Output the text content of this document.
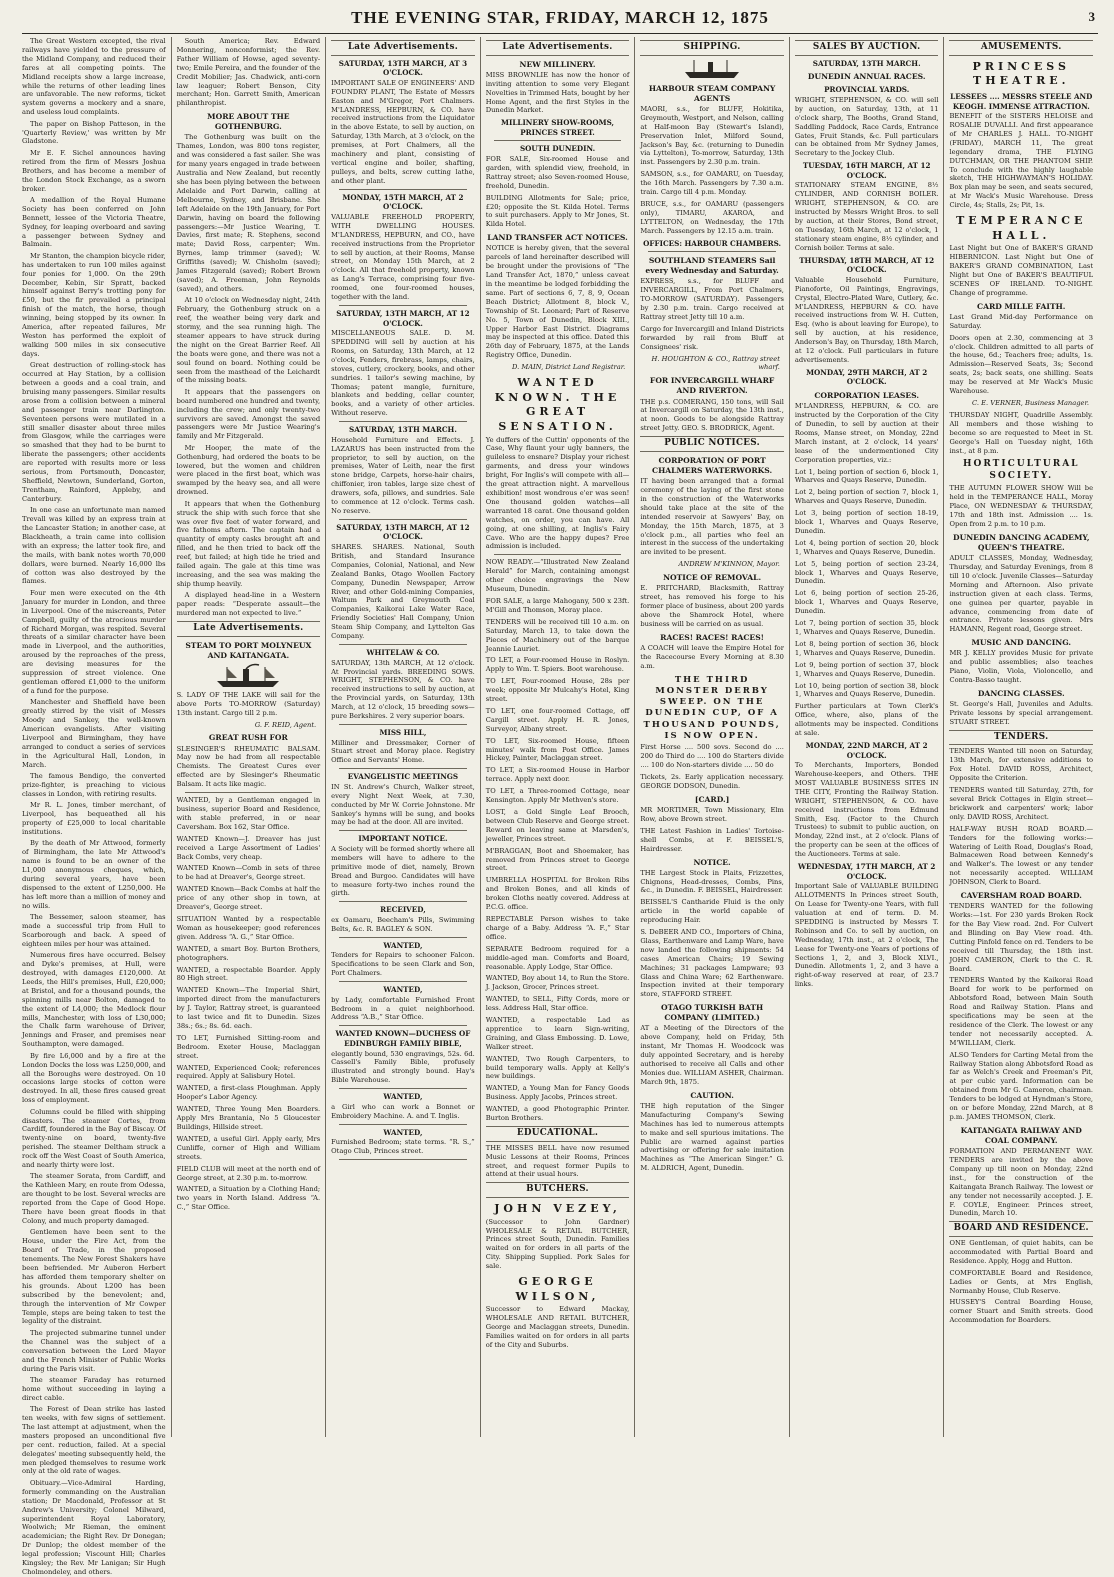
THE EVENING STAR, FRIDAY, MARCH 12, 1875	3

The Great Western excepted, the rival railways have yielded to the pressure of the Midland Company, and reduced their fares at all competing points. The Midland receipts show a large increase, while the returns of other leading lines are unfavorable. The new reforms, ticket system governs a mockery and a snare, and useless loud complaints.

The paper on Bishop Patteson, in the 'Quarterly Review,' was written by Mr Gladstone.

Mr E. F. Sichel announces having retired from the firm of Messrs Joshua Brothers, and has become a member of the London Stock Exchange, as a sworn broker.

A medallion of the Royal Humane Society has been conferred on John Bennett, lessee of the Victoria Theatre, Sydney, for leaping overboard and saving a passenger between Sydney and Balmain.

Mr Stanton, the champion bicycle rider, has undertaken to run 100 miles against four ponies for 1,000. On the 29th December, Kebin, Sir Spratt, backed himself against Berry's trotting pony for £50, but the fir prevailed a principal finish of the match, the horse, though winning, being stopped by its owner. In America, after repeated failures, Mr Weston has performed the exploit of walking 500 miles in six consecutive days.

Great destruction of rolling-stock has occurred at Hay Station, by a collision between a goods and a coal train, and bruising many passengers. Similar results arose from a collision between a mineral and passenger train near Darlington. Seventeen persons were mutilated in a still smaller disaster about three miles from Glasgow, while the carriages were so smashed that they had to be burnt to liberate the passengers; other accidents are reported with results more or less serious, from Portsmouth, Doncaster, Sheffield, Newtown, Sunderland, Gorton, Trentham, Rainford, Appleby, and Canterbury.

In one case an unfortunate man named Trevall was killed by an express train at the Lancaster Station; in another case, at Blackheath, a train came into collision with an express; the latter took fire, and the mails, with bank notes worth 70,000 dollars, were burned. Nearly 16,000 lbs of cotton was also destroyed by the flames.

Four men were executed on the 4th January for murder in London, and three in Liverpool. One of the miscreants, Peter Campbell, guilty of the atrocious murder of Richard Morgan, was respited. Several threats of a similar character have been made in Liverpool, and the authorities, aroused by the reproaches of the press, are devising measures for the suppression of street violence. One gentleman offered £1,000 to the uniform of a fund for the purpose.

Manchester and Sheffield have been greatly stirred by the visit of Messrs Moody and Sankey, the well-known American evangelists. After visiting Liverpool and Birmingham, they have arranged to conduct a series of services in the Agricultural Hall, London, in March.

The famous Bendigo, the converted prize-fighter, is preaching to vicious classes in London, with retiring results.

Mr R. L. Jones, timber merchant, of Liverpool, has bequeathed all his property of £25,000 to local charitable institutions.

By the death of Mr Attwood, formerly of Birmingham, the late Mr Attwood's name is found to be an owner of the L1,000 anonymous cheques, which, during several years, have been dispensed to the extent of L250,000. He has left more than a million of money and no wills.

The Bessemer, saloon steamer, has made a successful trip from Hull to Scarborough and back. A speed of eighteen miles per hour was attained.

Numerous fires have occurred. Belsey and Dyke's premises, at Hull, were destroyed, with damages £120,000. At Leeds, the Hill's premises, Hull, £20,000; at Bristol, and for a thousand pounds, the spinning mills near Bolton, damaged to the extent of L4,000; the Medlock flour mills, Manchester, with loss of L30,000; the Chalk farm warehouse of Driver, Jennings and Fraser, and premises near Southampton, were damaged.

By fire L6,000 and by a fire at the London Docks the loss was L250,000, and all the Boroughs were destroyed. On 10 occasions large stocks of cotton were destroyed. In all, these fires caused great loss of employment.

Columns could be filled with shipping disasters. The steamer Cortes, from Cardiff, foundered in the Bay of Biscay. Of twenty-nine on board, twenty-five perished. The steamer Deltham struck a rock off the West Coast of South America, and nearly thirty were lost.

The steamer Sorata, from Cardiff, and the Kathleen Mary, en route from Odessa, are thought to be lost. Several wrecks are reported from the Cape of Good Hope. There have been great floods in that Colony, and much property damaged.

Gentlemen have been sent to the House, under the Fire Act, from the Board of Trade, in the proposed tenements. The New Forest Shakers have been befriended. Mr Auberon Herbert has afforded them temporary shelter on his grounds. About L200 has been subscribed by the benevolent; and, through the intervention of Mr Cowper Temple, steps are being taken to test the legality of the distraint.

The projected submarine tunnel under the Channel was the subject of a conversation between the Lord Mayor and the French Minister of Public Works during the Paris visit.

The steamer Faraday has returned home without succeeding in laying a direct cable.

The Forest of Dean strike has lasted ten weeks, with few signs of settlement. The last attempt at adjustment, when the masters proposed an unconditional five per cent. reduction, failed. At a special delegates' meeting subsequently held, the men pledged themselves to resume work only at the old rate of wages.

Obituary.—Vice-Admiral Harding, formerly commanding on the Australian station; Dr Macdonald, Professor at St Andrew's University; Colonel Milward, superintendent Royal Laboratory, Woolwich; Mr Rieman, the eminent academician; the Right Rev. Dr Donegan; Dr Dunlop; the oldest member of the legal profession; Viscount Hill; Charles Kingsley; the Rev. Mr Lanigan; Sir Hugh Cholmondeley, and others.

South America; Rev. Edward Monnering, nonconformist; the Rev. Father William of Howse, aged seventy-two; Emile Pereira, and the founder of the Credit Mobilier; Jas. Chadwick, anti-corn law leaguer; Robert Benson, City merchant; Hon. Garrett Smith, American philanthropist.

MORE ABOUT THE GOTHENBURG.

The Gothenburg was built on the Thames, London, was 800 tons register, and was considered a fast sailer. She was for many years engaged in trade between Australia and New Zealand, but recently she has been plying between the between Adelaide and Port Darwin, calling at Melbourne, Sydney, and Brisbane. She left Adelaide on the 19th January, for Port Darwin, having on board the following passengers:—Mr Justice Wearing, T. Davies, first mate; R. Stephens, second mate; David Ross, carpenter; Wm. Byrnes, lamp trimmer (saved); W. Griffiths (saved); W. Chisholm (saved); James Fitzgerald (saved); Robert Brown (saved); A. Freeman, John Reynolds (saved), and others.

At 10 o'clock on Wednesday night, 24th February, the Gothenburg struck on a reef, the weather being very dark and stormy, and the sea running high. The steamer appears to have struck during the night on the Great Barrier Reef. All the boats were gone, and there was not a soul found on board. Nothing could be seen from the masthead of the Leichardt of the missing boats.

It appears that the passengers on board numbered one hundred and twenty, including the crew; and only twenty-two survivors are saved. Amongst the saved passengers were Mr Justice Wearing's family and Mr Fitzgerald.

Mr Hooper, the mate of the Gothenburg, had ordered the boats to be lowered, but the women and children were placed in the first boat, which was swamped by the heavy sea, and all were drowned.

It appears that when the Gothenburg struck the ship with such force that she was over five feet of water forward, and five fathoms aftern. The captain had a quantity of empty casks brought aft and filled, and he then tried to back off the reef, but failed; at high tide he tried and failed again. The gale at this time was increasing, and the sea was making the ship thump heavily.

A displayed head-line in a Western paper reads: “Desperate assault—the murdered man not expected to live.”

Late Advertisements.
STEAM TO PORT MOLYNEUX AND KAITANGATA.
S. LADY OF THE LAKE will sail for the above Ports TO-MORROW (Saturday) 13th instant. Cargo till 2 p.m.
G. F. REID, Agent.
GREAT RUSH FOR
SLESINGER'S RHEUMATIC BALSAM. May now be had from all respectable Chemists. The Greatest Cures ever effected are by Slesinger's Rheumatic Balsam. It acts like magic.
WANTED, by a Gentleman engaged in business, superior Board and Residence, with stable preferred, in or near Caversham. Box 162, Star Office.
WANTED Known—J. Dreaver has just received a Large Assortment of Ladies' Back Combs, very cheap.
WANTED Known—Comb in sets of three to be had at Dreaver's, George street.
WANTED Known—Back Combs at half the price of any other shop in town, at Dreaver's, George street.
SITUATION Wanted by a respectable Woman as housekeeper; good references given. Address “A. G.,” Star Office.
WANTED, a smart Boy. Burton Brothers, photographers.
WANTED, a respectable Boarder. Apply 80 High street.
WANTED Known—The Imperial Shirt, imported direct from the manufacturers by J. Taylor, Rattray street, is guaranteed to last twice and fit to Dunedin. Sizes 38s.; 6s.; 8s. 6d. each.
TO LET, Furnished Sitting-room and Bedroom. Exeter House, Maclaggan street.
WANTED, Experienced Cook; references required. Apply at Salisbury Hotel.
WANTED, a first-class Ploughman. Apply Hooper's Labor Agency.
WANTED, Three Young Men Boarders. Apply Mrs Brantania, No 5 Gloucester Buildings, Hillside street.
WANTED, a useful Girl. Apply early, Mrs Cunliffe, corner of High and William streets.
FIELD CLUB will meet at the north end of George street, at 2.30 p.m. to-morrow.
WANTED, a Situation by a Clothing Hand; two years in North Island. Address “A. C.,” Star Office.
Late Advertisements.
SATURDAY, 13TH MARCH, AT 3 O'CLOCK.
IMPORTANT SALE OF ENGINEERS' AND FOUNDRY PLANT, The Estate of Messrs Easton and M'Gregor, Port Chalmers. M'LANDRESS, HEPBURN, & CO. have received instructions from the Liquidator in the above Estate, to sell by auction, on Saturday, 13th March, at 3 o'clock, on the premises, at Port Chalmers, all the machinery and plant, consisting of vertical engine and boiler, shafting, pulleys, and belts, screw cutting lathe, and other plant.
MONDAY, 15TH MARCH, AT 2 O'CLOCK.
VALUABLE FREEHOLD PROPERTY, WITH DWELLING HOUSES. M'LANDRESS, HEPBURN, and CO., have received instructions from the Proprietor to sell by auction, at their Rooms, Manse street, on Monday 15th March, at 2 o'clock. All that freehold property, known as Lang's Terrace, comprising four five-roomed, one four-roomed houses, together with the land.
SATURDAY, 13TH MARCH, AT 12 O'CLOCK.
MISCELLANEOUS SALE. D. M. SPEDDING will sell by auction at his Rooms, on Saturday, 13th March, at 12 o'clock, Fenders, firebrass, lamps, chairs, stoves, cutlery, crockery, books, and other sundries. 1 tailor's sewing machine, by Thomas; patent mangle, furniture, blankets and bedding, cellar counter, books, and a variety of other articles. Without reserve.
SATURDAY, 13TH MARCH.
Household Furniture and Effects. J. LAZARUS has been instructed from the proprietor, to sell by auction, on the premises, Water of Leith, near the first stone bridge, Carpets, horse-hair chairs, chiffonier, iron tables, large size chest of drawers, sofa, pillows, and sundries. Sale to commence at 12 o'clock. Terms cash. No reserve.
SATURDAY, 13TH MARCH, AT 12 O'CLOCK.
SHARES. SHARES. National, South British, and Standard Insurance Companies, Colonial, National, and New Zealand Banks, Otago Woollen Factory Company, Dunedin Newspaper, Arrow River, and other Gold-mining Companies, Waltum Park and Greymouth Coal Companies, Kaikorai Lake Water Race, Friendly Societies' Hall Company, Union Steam Ship Company, and Lyttelton Gas Company.
WHITELAW & CO.
SATURDAY, 13th MARCH, At 12 o'clock. At Provincial yards. BREEDING SOWS. WRIGHT, STEPHENSON, & CO. have received instructions to sell by auction, at the Provincial yards, on Saturday, 13th March, at 12 o'clock, 15 breeding sows—pure Berkshires. 2 very superior boars.
MISS HILL,
Milliner and Dressmaker, Corner of Stuart street and Moray place. Registry Office and Servants' Home.
EVANGELISTIC MEETINGS
IN St. Andrew's Church, Walker street, every Night Next Week, at 7.30, conducted by Mr W. Corrie Johnstone. Mr Sankey's hymns will be sung, and books may be had at the door. All are invited.
IMPORTANT NOTICE.
A Society will be formed shortly where all members will have to adhere to the primitive mode of diet, namely, Brown Bread and Burgoo. Candidates will have to measure forty-two inches round the girth.
RECEIVED,
ex Oamaru, Beecham's Pills, Swimming Belts, &c. R. BAGLEY & SON.
WANTED,
Tenders for Repairs to schooner Falcon. Specifications to be seen Clark and Son, Port Chalmers.
WANTED,
by Lady, comfortable Furnished Front Bedroom in a quiet neighborhood. Address “A.B.,” Star Office.
WANTED KNOWN—DUCHESS OF EDINBURGH FAMILY BIBLE,
elegantly bound, 530 engravings, 52s. 6d. Cassell's Family Bible, profusely illustrated and strongly bound. Hay's Bible Warehouse.
WANTED,
a Girl who can work a Bonnet or Embroidery Machine. A. and T. Inglis.
WANTED,
Furnished Bedroom; state terms. “R. S.,” Otago Club, Princes street.
Late Advertisements.
NEW MILLINERY.
MISS BROWNLIE has now the honor of inviting attention to some very Elegant Novelties in Trimmed Hats, bought by her Home Agent, and the first Styles in the Dunedin Market.
MILLINERY SHOW-ROOMS, PRINCES STREET.
SOUTH DUNEDIN.
FOR SALE, Six-roomed House and garden, with splendid view, freehold, in Rattray street; also Seven-roomed House, freehold, Dunedin.
BUILDING Allotments for Sale; price, £20; opposite the St. Kilda Hotel. Terms to suit purchasers. Apply to Mr Jones, St. Kilda Hotel.
LAND TRANSFER ACT NOTICES.
NOTICE is hereby given, that the several parcels of land hereinafter described will be brought under the provisions of “The Land Transfer Act, 1870,” unless caveat in the meantime be lodged forbidding the same. Part of sections 6, 7, 8, 9, Ocean Beach District; Allotment 8, block V., Township of St. Leonard; Part of Reserve No. 5, Town of Dunedin, Block XIII., Upper Harbor East District. Diagrams may be inspected at this office. Dated this 26th day of February, 1875, at the Lands Registry Office, Dunedin.
D. MAIN, District Land Registrar.
WANTED KNOWN. THE GREAT SENSATION.
Ye duffers of the Cuttin' opponents of the Case, Why flaunt your ugly banners, the guileless to ensnare? Display your richest garments, and dress your windows bright, For Inglis's will compete with all—the great attraction night. A marvellous exhibition! most wondrous e'er was seen! One thousand golden watches—all warranted 18 carat. One thousand golden watches, on order, you can have. All going, at one shilling, at Inglis's Fairy Cave. Who are the happy dupes? Free admission is included.
NOW READY.—“Illustrated New Zealand Herald” for March, containing amongst other choice engravings the New Museum, Dunedin.
FOR SALE, a large Mahogany, 500 x 23ft. M'Gill and Thomson, Moray place.
TENDERS will be received till 10 a.m. on Saturday, March 13, to take down the Pieces of Machinery out of the barque Jeannie Lauriet.
TO LET, a Four-roomed House in Roslyn. Apply to Wm. T. Spiers. Boot warehouse.
TO LET, Four-roomed House, 28s per week; opposite Mr Mulcahy's Hotel, King street.
TO LET, one four-roomed Cottage, off Cargill street. Apply H. R. Jones, Surveyor, Albany street.
TO LET, Six-roomed House, fifteen minutes' walk from Post Office. James Hickey, Painter, Maclaggan street.
TO LET, a Six-roomed House in Harbor terrace. Apply next door.
TO LET, a Three-roomed Cottage, near Kensington. Apply Mr Methven's store.
LOST, a Gold Single Leaf Brooch, between Club Reserve and George street. Reward on leaving same at Marsden's, jeweller, Princes street.
M'BRAGGAN, Boot and Shoemaker, has removed from Princes street to George street.
UMBRELLA HOSPITAL for Broken Ribs and Broken Bones, and all kinds of broken Cloths neatly covered. Address at P.C.G. office.
REPECTABLE Person wishes to take charge of a Baby. Address “A. F.,” Star office.
SEPARATE Bedroom required for a middle-aged man. Comforts and Board, reasonable. Apply Lodge, Star Office.
WANTED, Boy about 14, to Run the Store. J. Jackson, Grocer, Princes street.
WANTED, to SELL, Fifty Cords, more or less. Address Hall, Star office.
WANTED, a respectable Lad as apprentice to learn Sign-writing, Graining, and Glass Embossing. D. Lowe, Walker street.
WANTED, Two Rough Carpenters, to build temporary walls. Apply at Kelly's new buildings.
WANTED, a Young Man for Fancy Goods Business. Apply Jacobs, Princes street.
WANTED, a good Photographic Printer. Burton Brothers.
EDUCATIONAL.
THE MISSES BELL have now resumed Music Lessons at their Rooms, Princes street, and request former Pupils to attend at their usual hours.
BUTCHERS.
JOHN VEZEY,
(Successor to John Gardner) WHOLESALE & RETAIL BUTCHER, Princes street South, Dunedin. Families waited on for orders in all parts of the City. Shipping Supplied. Pork Sales for sale.
GEORGE WILSON,
Successor to Edward Mackay, WHOLESALE AND RETAIL BUTCHER, George and Maclaggan streets, Dunedin. Families waited on for orders in all parts of the City and Suburbs.
SHIPPING.
HARBOUR STEAM COMPANY AGENTS
MAORI, s.s., for BLUFF, Hokitika, Greymouth, Westport, and Nelson, calling at Half-moon Bay (Stewart's Island), Preservation Inlet, Milford Sound, Jackson's Bay, &c. (returning to Dunedin via Lyttelton), To-morrow, Saturday, 13th inst. Passengers by 2.30 p.m. train.
SAMSON, s.s., for OAMARU, on Tuesday, the 16th March. Passengers by 7.30 a.m. train. Cargo till 4 p.m. Monday.
BRUCE, s.s., for OAMARU (passengers only), TIMARU, AKAROA, and LYTTELTON, on Wednesday, the 17th March. Passengers by 12.15 a.m. train.
OFFICES: HARBOUR CHAMBERS.
SOUTHLAND STEAMERS Sail every Wednesday and Saturday.
EXPRESS, s.s., for BLUFF and INVERCARGILL, From Port Chalmers, TO-MORROW (SATURDAY). Passengers by 2.30 p.m. train. Cargo received at Rattray street Jetty till 10 a.m.
Cargo for Invercargill and Inland Districts forwarded by rail from Bluff at Consignees' risk.
H. HOUGHTON & CO., Rattray street wharf.
FOR INVERCARGILL WHARF AND RIVERTON.
THE p.s. COMERANG, 150 tons, will Sail at Invercargill on Saturday, the 13th inst., at noon. Goods to be alongside Rattray street Jetty. GEO. S. BRODRICK, Agent.
PUBLIC NOTICES.
CORPORATION OF PORT CHALMERS WATERWORKS.
IT having been arranged that a formal ceremony of the laying of the first stone in the construction of the Waterworks should take place at the site of the intended reservoir at Sawyers' Bay, on Monday, the 15th March, 1875, at 3 o'clock p.m., all parties who feel an interest in the success of the undertaking are invited to be present.
ANDREW M'KINNON, Mayor.
NOTICE OF REMOVAL.
E. PRITCHARD, Blacksmith, Rattray street, has removed his forge to his former place of business, about 200 yards above the Shamrock Hotel, where business will be carried on as usual.
RACES! RACES! RACES!
A COACH will leave the Empire Hotel for the Racecourse Every Morning at 8.30 a.m.
THE THIRD MONSTER DERBY SWEEP. ON THE DUNEDIN CUP, OF A THOUSAND POUNDS, IS NOW OPEN.
First Horse .... 500 sovs. Second do .... 200 do Third do .... 100 do Starters divide .... 100 do Non-starters divide .... 50 do
Tickets, 2s. Early application necessary. GEORGE DODSON, Dunedin.
[CARD.]
MR MORTIMER, Town Missionary, Elm Row, above Brown street.
THE Latest Fashion in Ladies' Tortoise-shell Combs, at F. BEISSEL'S, Hairdresser.
NOTICE.
THE Largest Stock in Plaits, Frizzettes, Chignons, Head-dresses, Combs, Pins, &c., in Dunedin. F. BEISSEL, Hairdresser.
BEISSEL'S Cantharide Fluid is the only article in the world capable of reproducing Hair.
S. DeBEER AND CO., Importers of China, Glass, Earthenware and Lamp Ware, have now landed the following shipments: 54 cases American Chairs; 19 Sewing Machines; 31 packages Lampware; 93 Glass and China Ware; 62 Earthenware. Inspection invited at their temporary store, STAFFORD STREET.
OTAGO TURKISH BATH COMPANY (LIMITED.)
AT a Meeting of the Directors of the above Company, held on Friday, 5th instant, Mr Thomas H. Woodcock was duly appointed Secretary, and is hereby authorised to receive all Calls and other Monies due. WILLIAM ASHER, Chairman. March 9th, 1875.
CAUTION.
THE high reputation of the Singer Manufacturing Company's Sewing Machines has led to numerous attempts to make and sell spurious imitations. The Public are warned against parties advertising or offering for sale imitation Machines as “The American Singer.” G. M. ALDRICH, Agent, Dunedin.
SALES BY AUCTION.
SATURDAY, 13TH MARCH.
DUNEDIN ANNUAL RACES.
PROVINCIAL YARDS.
WRIGHT, STEPHENSON, & CO. will sell by auction, on Saturday, 13th, at 11 o'clock sharp, The Booths, Grand Stand, Saddling Paddock, Race Cards, Entrance Gates, Fruit Stands, &c. Full particulars can be obtained from Mr Sydney James, Secretary to the Jockey Club.
TUESDAY, 16TH MARCH, AT 12 O'CLOCK.
STATIONARY STEAM ENGINE, 8½ CYLINDER, AND CORNISH BOILER. WRIGHT, STEPHENSON, & CO. are instructed by Messrs Wright Bros. to sell by auction, at their Stores, Bond street, on Tuesday, 16th March, at 12 o'clock, 1 stationary steam engine, 8½ cylinder, and Cornish boiler. Terms at sale.
THURSDAY, 18TH MARCH, AT 12 O'CLOCK.
Valuable Household Furniture, Pianoforte, Oil Paintings, Engravings, Crystal, Electro-Plated Ware, Cutlery, &c. M'LANDRESS, HEPBURN & CO. have received instructions from W. H. Cutten, Esq. (who is about leaving for Europe), to sell by auction, at his residence, Anderson's Bay, on Thursday, 18th March, at 12 o'clock. Full particulars in future advertisements.
MONDAY, 29TH MARCH, AT 2 O'CLOCK.
CORPORATION LEASES.
M'LANDRESS, HEPBURN, & CO. are instructed by the Corporation of the City of Dunedin, to sell by auction at their Rooms, Manse street, on Monday, 22nd March instant, at 2 o'clock, 14 years' lease of the undermentioned City Corporation properties, viz.:
Lot 1, being portion of section 6, block 1, Wharves and Quays Reserve, Dunedin.
Lot 2, being portion of section 7, block 1, Wharves and Quays Reserve, Dunedin.
Lot 3, being portion of section 18-19, block 1, Wharves and Quays Reserve, Dunedin.
Lot 4, being portion of section 20, block 1, Wharves and Quays Reserve, Dunedin.
Lot 5, being portion of section 23-24, block 1, Wharves and Quays Reserve, Dunedin.
Lot 6, being portion of section 25-26, block 1, Wharves and Quays Reserve, Dunedin.
Lot 7, being portion of section 35, block 1, Wharves and Quays Reserve, Dunedin.
Lot 8, being portion of section 36, block 1, Wharves and Quays Reserve, Dunedin.
Lot 9, being portion of section 37, block 1, Wharves and Quays Reserve, Dunedin.
Lot 10, being portion of section 38, block 1, Wharves and Quays Reserve, Dunedin.
Further particulars at Town Clerk's Office, where, also, plans of the allotments may be inspected. Conditions at sale.
MONDAY, 22ND MARCH, AT 2 O'CLOCK.
To Merchants, Importers, Bonded Warehouse-keepers, and Others. THE MOST VALUABLE BUSINESS SITES IN THE CITY, Fronting the Railway Station. WRIGHT, STEPHENSON, & CO. have received instructions from Edmund Smith, Esq. (Factor to the Church Trustees) to submit to public auction, on Monday, 22nd inst., at 2 o'clock. Plans of the property can be seen at the offices of the Auctioneers. Terms at sale.
WEDNESDAY, 17TH MARCH, AT 2 O'CLOCK.
Important Sale of VALUABLE BUILDING ALLOTMENTS In Princes street South, On Lease for Twenty-one Years, with full valuation at end of term. D. M. SPEDDING is instructed by Messrs T. Robinson and Co. to sell by auction, on Wednesday, 17th inst., at 2 o'clock, The Lease for Twenty-one Years of portions of Sections 1, 2, and 3, Block XLVI., Dunedin. Allotments 1, 2, and 3 have a right-of-way reserved at rear, of 23.7 links.
AMUSEMENTS.
PRINCESS THEATRE.
LESSEES .... MESSRS STEELE AND KEOGH. IMMENSE ATTRACTION.
BENEFIT of the SISTERS HELOISE and ROSALIE DUVALLI. And first appearance of Mr CHARLES J. HALL. TO-NIGHT (FRIDAY), MARCH 11, The great legendary drama, THE FLYING DUTCHMAN, OR THE PHANTOM SHIP. To conclude with the highly laughable sketch, THE HIGHWAYMAN'S HOLIDAY. Box plan may be seen, and seats secured, at Mr Wack's Music Warehouse. Dress Circle, 4s; Stalls, 2s; Pit, 1s.
TEMPERANCE HALL.
Last Night but One of BAKER'S GRAND HIBERNICON. Last Night but One of BAKER'S GRAND COMBINATION, Last Night but One of BAKER'S BEAUTIFUL SCENES OF IRELAND. TO-NIGHT. Change of programme.
CARD MILLE FAITH.
Last Grand Mid-day Performance on Saturday.
Doors open at 2.30, commencing at 3 o'clock. Children admitted to all parts of the house, 6d.; Teachers free; adults, 1s. Admission—Reserved Seats, 3s; Second seats, 2s; back seats, one shilling. Seats may be reserved at Mr Wack's Music Warehouse.
C. E. VERNER, Business Manager.
THURSDAY NIGHT, Quadrille Assembly. All members and those wishing to become so are requested to Meet in St. George's Hall on Tuesday night, 16th inst., at 8 p.m.
HORTICULTURAL SOCIETY.
THE AUTUMN FLOWER SHOW Will be held in the TEMPERANCE HALL, Moray Place, ON WEDNESDAY & THURSDAY, 17th and 18th inst. Admission .... 1s. Open from 2 p.m. to 10 p.m.
DUNEDIN DANCING ACADEMY, QUEEN'S THEATRE.
ADULT CLASSES, Monday, Wednesday, Thursday, and Saturday Evenings, from 8 till 10 o'clock. Juvenile Classes—Saturday Morning and Afternoon. Also private instruction given at each class. Terms, one guinea per quarter, payable in advance, commencing from date of entrance. Private lessons given. Mrs HAMANN, Regent road, George street.
MUSIC AND DANCING.
MR J. KELLY provides Music for private and public assemblies; also teaches Piano, Violin, Viola, Violoncello, and Contra-Basso taught.
DANCING CLASSES.
St. George's Hall, Juveniles and Adults. Private lessons by special arrangement. STUART STREET.
TENDERS.
TENDERS Wanted till noon on Saturday, 13th March, for extensive additions to Fox Hotel. DAVID ROSS, Architect, Opposite the Criterion.
TENDERS wanted till Saturday, 27th, for several Brick Cottages in Elgin street—brickwork and carpenters' work; labor only. DAVID ROSS, Architect.
HALF-WAY BUSH ROAD BOARD.—Tenders for the following works:—Watering of Leith Road, Douglas's Road, Balmacewen Road between Kennedy's and Walker's. The lowest or any tender not necessarily accepted. WILLIAM JOHNSON, Clerk to Board.
CAVERSHAM ROAD BOARD.
TENDERS WANTED for the following Works:—1st. For 230 yards Broken Rock for the Bay View road. 2nd. For Culvert and Blinding on Bay View road. 4th. Cutting Pinfold fence on rd. Tenders to be received till Thursday, the 18th inst. JOHN CAMERON, Clerk to the C. R. Board.
TENDERS Wanted by the Kaikorai Road Board for work to be performed on Abbotsford Road, between Main South Road and Railway Station. Plans and specifications may be seen at the residence of the Clerk. The lowest or any tender not necessarily accepted. A. M'WILLIAM, Clerk.
ALSO Tenders for Carting Metal from the Railway Station along Abbotsford Road as far as Welch's Creek and Freeman's Pit, at per cubic yard. Information can be obtained from Mr G. Cameron, chairman. Tenders to be lodged at Hyndman's Store, on or before Monday, 22nd March, at 8 p.m. JAMES THOMSON, Clerk.
KAITANGATA RAILWAY AND COAL COMPANY.
FORMATION AND PERMANENT WAY. TENDERS are invited by the above Company up till noon on Monday, 22nd inst., for the construction of the Kaitangata Branch Railway. The lowest or any tender not necessarily accepted. J. E. F. COYLE, Engineer. Princes street, Dunedin, March 10.
BOARD AND RESIDENCE.
ONE Gentleman, of quiet habits, can be accommodated with Partial Board and Residence. Apply, Hogg and Hutton.
COMFORTABLE Board and Residence, Ladies or Gents, at Mrs English, Normanby House, Club Reserve.
HUSSEY'S Central Boarding House, corner Stuart and Smith streets. Good Accommodation for Boarders.
